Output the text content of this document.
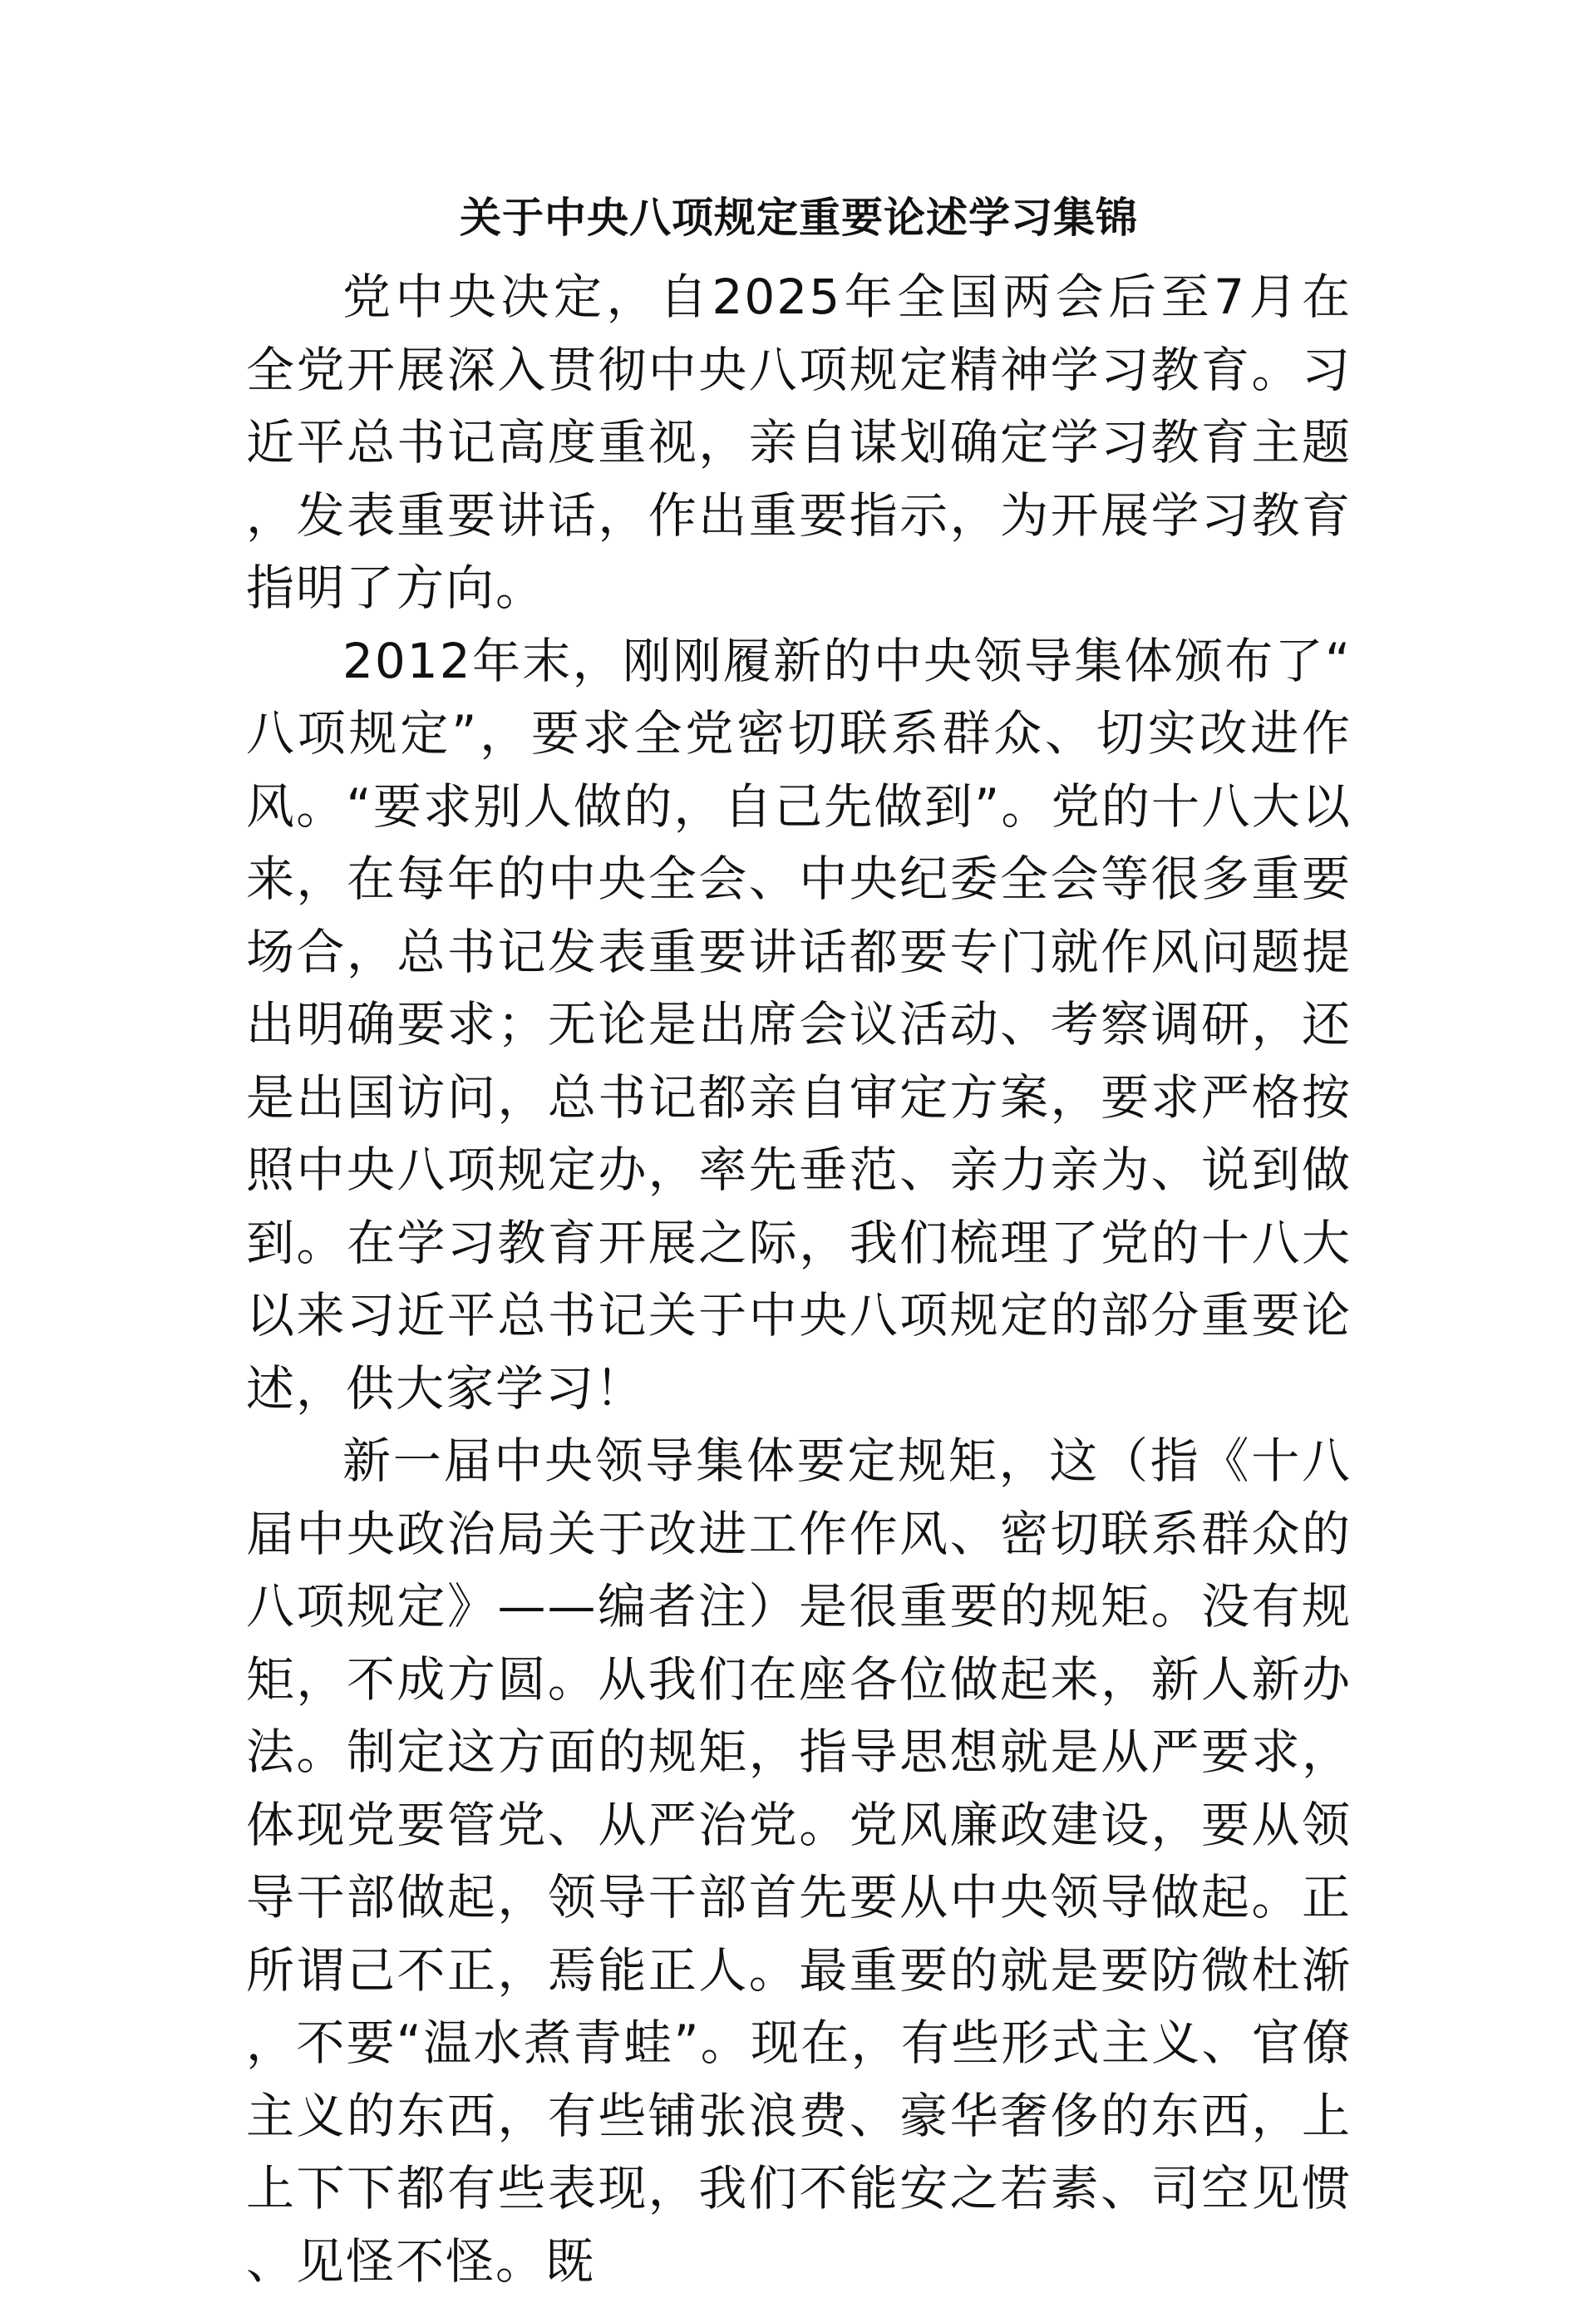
关于中央八项规定重要论述学习集锦

党中央决定，自2025年全国两会后至7月在全党开展深入贯彻中央八项规定精神学习教育。习近平总书记高度重视，亲自谋划确定学习教育主题，发表重要讲话，作出重要指示，为开展学习教育指明了方向。

2012年末，刚刚履新的中央领导集体颁布了“八项规定”，要求全党密切联系群众、切实改进作风。“要求别人做的，自己先做到”。党的十八大以来，在每年的中央全会、中央纪委全会等很多重要场合，总书记发表重要讲话都要专门就作风问题提出明确要求；无论是出席会议活动、考察调研，还是出国访问，总书记都亲自审定方案，要求严格按照中央八项规定办，率先垂范、亲力亲为、说到做到。在学习教育开展之际，我们梳理了党的十八大以来习近平总书记关于中央八项规定的部分重要论述，供大家学习！

新一届中央领导集体要定规矩，这（指《十八届中央政治局关于改进工作作风、密切联系群众的八项规定》——编者注）是很重要的规矩。没有规矩，不成方圆。从我们在座各位做起来，新人新办法。制定这方面的规矩，指导思想就是从严要求，体现党要管党、从严治党。党风廉政建设，要从领导干部做起，领导干部首先要从中央领导做起。正所谓己不正，焉能正人。最重要的就是要防微杜渐，不要“温水煮青蛙”。现在，有些形式主义、官僚主义的东西，有些铺张浪费、豪华奢侈的东西，上上下下都有些表现，我们不能安之若素、司空见惯、见怪不怪。既
